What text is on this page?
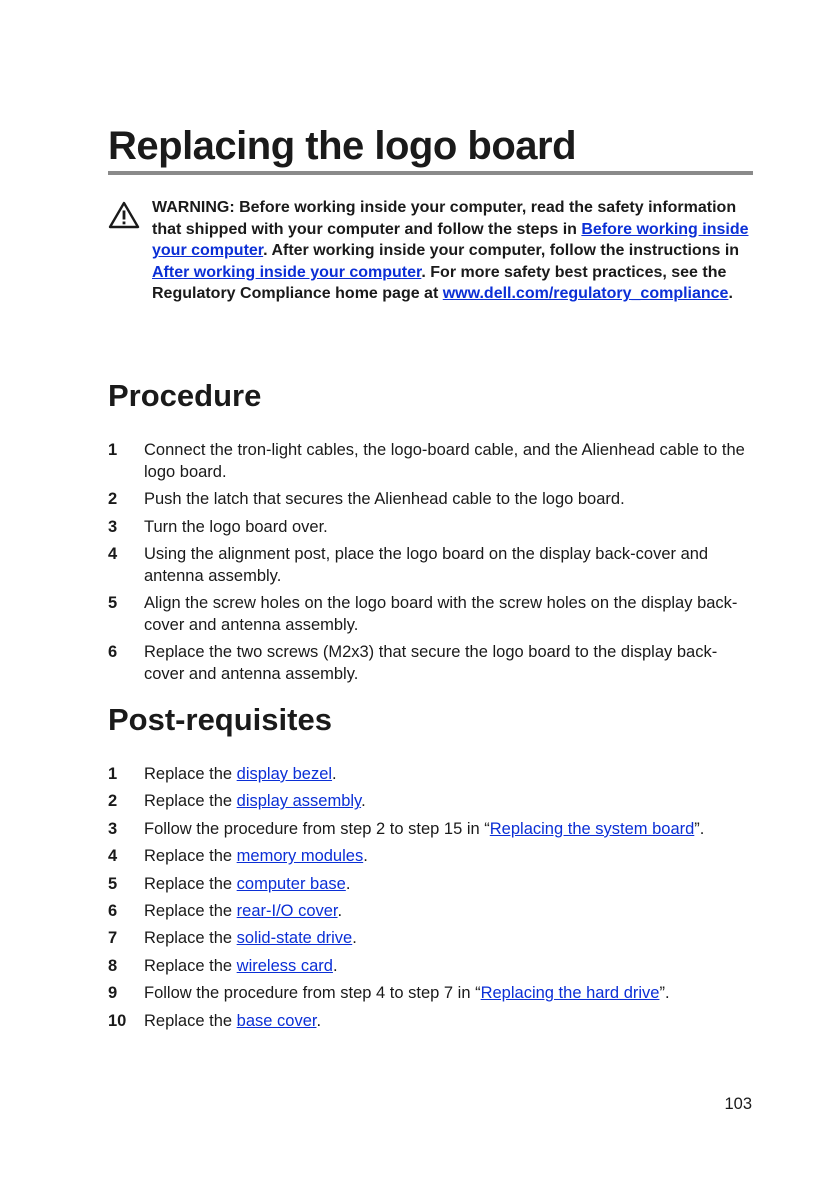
Replacing the logo board
WARNING: Before working inside your computer, read the safety information that shipped with your computer and follow the steps in Before working inside your computer. After working inside your computer, follow the instructions in After working inside your computer. For more safety best practices, see the Regulatory Compliance home page at www.dell.com/regulatory_compliance.
Procedure
1 Connect the tron-light cables, the logo-board cable, and the Alienhead cable to the logo board.
2 Push the latch that secures the Alienhead cable to the logo board.
3 Turn the logo board over.
4 Using the alignment post, place the logo board on the display back-cover and antenna assembly.
5 Align the screw holes on the logo board with the screw holes on the display back-cover and antenna assembly.
6 Replace the two screws (M2x3) that secure the logo board to the display back-cover and antenna assembly.
Post-requisites
1 Replace the display bezel.
2 Replace the display assembly.
3 Follow the procedure from step 2 to step 15 in “Replacing the system board”.
4 Replace the memory modules.
5 Replace the computer base.
6 Replace the rear-I/O cover.
7 Replace the solid-state drive.
8 Replace the wireless card.
9 Follow the procedure from step 4 to step 7 in “Replacing the hard drive”.
10 Replace the base cover.
103
